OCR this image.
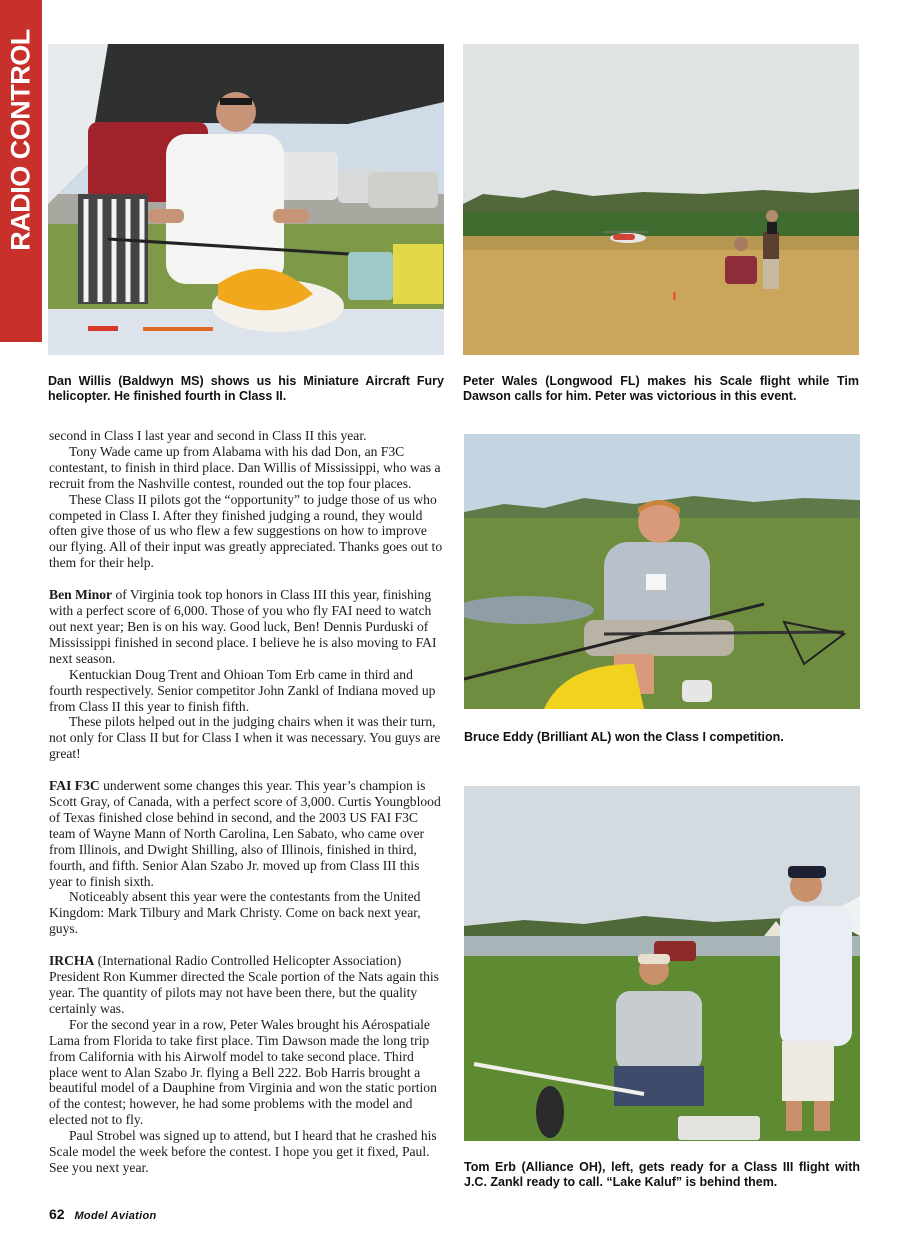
RADIO CONTROL
Dan Willis (Baldwyn MS) shows us his Miniature Aircraft Fury helicopter. He finished fourth in Class II.
Peter Wales (Longwood FL) makes his Scale flight while Tim Dawson calls for him. Peter was victorious in this event.
Bruce Eddy (Brilliant AL) won the Class I competition.
Tom Erb (Alliance OH), left, gets ready for a Class III flight with J.C. Zankl ready to call. “Lake Kaluf” is behind them.

second in Class I last year and second in Class II this year.

Tony Wade came up from Alabama with his dad Don, an F3C contestant, to finish in third place. Dan Willis of Mississippi, who was a recruit from the Nashville contest, rounded out the top four places.

These Class II pilots got the “opportunity” to judge those of us who competed in Class I. After they finished judging a round, they would often give those of us who flew a few suggestions on how to improve our flying. All of their input was greatly appreciated. Thanks goes out to them for their help.

Ben Minor of Virginia took top honors in Class III this year, finishing with a perfect score of 6,000. Those of you who fly FAI need to watch out next year; Ben is on his way. Good luck, Ben! Dennis Purduski of Mississippi finished in second place. I believe he is also moving to FAI next season.

Kentuckian Doug Trent and Ohioan Tom Erb came in third and fourth respectively. Senior competitor John Zankl of Indiana moved up from Class II this year to finish fifth.

These pilots helped out in the judging chairs when it was their turn, not only for Class II but for Class I when it was necessary. You guys are great!

FAI F3C underwent some changes this year. This year’s champion is Scott Gray, of Canada, with a perfect score of 3,000. Curtis Youngblood of Texas finished close behind in second, and the 2003 US FAI F3C team of Wayne Mann of North Carolina, Len Sabato, who came over from Illinois, and Dwight Shilling, also of Illinois, finished in third, fourth, and fifth. Senior Alan Szabo Jr. moved up from Class III this year to finish sixth.

Noticeably absent this year were the contestants from the United Kingdom: Mark Tilbury and Mark Christy. Come on back next year, guys.

IRCHA (International Radio Controlled Helicopter Association) President Ron Kummer directed the Scale portion of the Nats again this year. The quantity of pilots may not have been there, but the quality certainly was.

For the second year in a row, Peter Wales brought his Aérospatiale Lama from Florida to take first place. Tim Dawson made the long trip from California with his Airwolf model to take second place. Third place went to Alan Szabo Jr. flying a Bell 222. Bob Harris brought a beautiful model of a Dauphine from Virginia and won the static portion of the contest; however, he had some problems with the model and elected not to fly.

Paul Strobel was signed up to attend, but I heard that he crashed his Scale model the week before the contest. I hope you get it fixed, Paul. See you next year.

62 Model Aviation
